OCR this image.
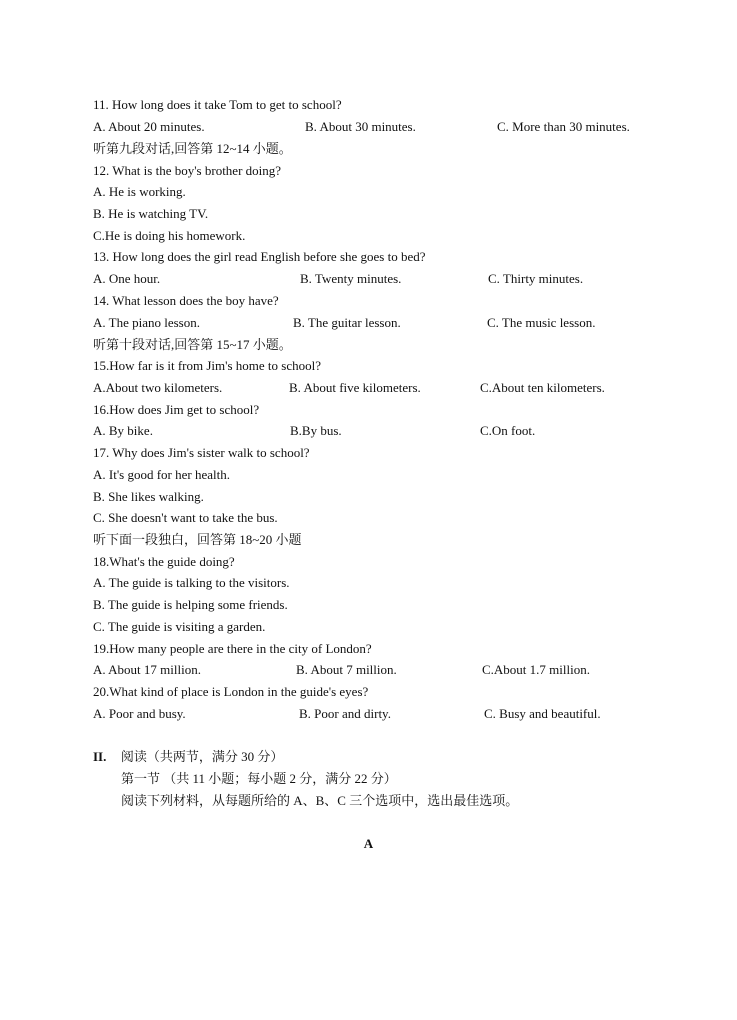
11. How long does it take Tom to get to school?
A. About 20 minutes.	B. About 30 minutes.	C. More than 30 minutes.
听第九段对话,回答第 12~14 小题。
12. What is the boy's brother doing?
A. He is working.
B. He is watching TV.
C.He is doing his homework.
13. How long does the girl read English before she goes to bed?
A. One hour.	B. Twenty minutes.	C. Thirty minutes.
14. What lesson does the boy have?
A. The piano lesson.	B. The guitar lesson.	C. The music lesson.
听第十段对话,回答第 15~17 小题。
15.How far is it from Jim's home to school?
A.About two kilometers.	B. About five kilometers.	C.About ten kilometers.
16.How does Jim get to school?
A. By bike.	B.By bus.	C.On foot.
17. Why does Jim's sister walk to school?
A. It's good for her health.
B. She likes walking.
C. She doesn't want to take the bus.
听下面一段独白，回答第 18~20 小题
18.What's the guide doing?
A. The guide is talking to the visitors.
B. The guide is helping some friends.
C. The guide is visiting a garden.
19.How many people are there in the city of London?
A. About 17 million.	B. About 7 million.	C.About 1.7 million.
20.What kind of place is London in the guide's eyes?
A. Poor and busy.	B. Poor and dirty.	C. Busy and beautiful.
II. 阅读（共两节，满分 30 分）
第一节 （共 11 小题；每小题 2 分，满分 22 分）
阅读下列材料，从每题所给的 A、B、C 三个选项中，选出最佳选项。
A
